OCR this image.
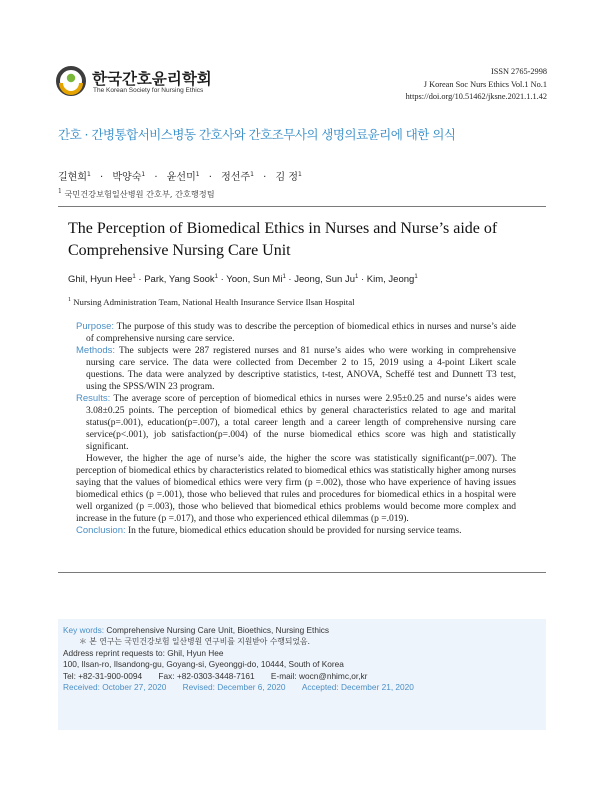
한국간호윤리학회
The Korean Society for Nursing Ethics
ISSN 2765-2998
J Korean Soc Nurs Ethics Vol.1 No.1
https://doi.org/10.51462/jksne.2021.1.1.42
간호 · 간병통합서비스병동 간호사와 간호조무사의 생명의료윤리에 대한 의식
길현희$^1$ · 박양숙$^1$ · 윤선미$^1$ · 정선주$^1$ · 김 정$^1$
$^1$ 국민건강보험일산병원 간호부, 간호행정팀
The Perception of Biomedical Ethics in Nurses and Nurse’s aide of Comprehensive Nursing Care Unit
Ghil, Hyun Hee$^1$ · Park, Yang Sook$^1$ · Yoon, Sun $Mi^1$ · Jeong, Sun $Ju^1$ · Kim, Jeong$^1$
$^1$ Nursing Administration Team, National Health Insurance Service Ilsan Hospital

Purpose: The purpose of this study was to describe the perception of biomedical ethics in nurses and nurse’s aide of comprehensive nursing care service.

Methods: The subjects were 287 registered nurses and 81 nurse’s aides who were working in comprehensive nursing care service. The data were collected from December 2 to 15, 2019 using a 4-point Likert scale questions. The data were analyzed by descriptive statistics, t-test, ANOVA, Scheffé test and Dunnett T3 test, using the SPSS/WIN 23 program.

Results: The average score of perception of biomedical ethics in nurses were 2.95±0.25 and nurse’s aides were 3.08±0.25 points. The perception of biomedical ethics by general characteristics related to age and marital status(p=.001), education(p=.007), a total career length and a career length of comprehensive nursing care service(p<.001), job satisfaction(p=.004) of the nurse biomedical ethics score was high and statistically significant.

However, the higher the age of nurse’s aide, the higher the score was statistically significant(p=.007). The perception of biomedical ethics by characteristics related to biomedical ethics was statistically higher among nurses saying that the values of biomedical ethics were very firm (p =.002), those who have experience of having issues biomedical ethics (p =.001), those who believed that rules and procedures for biomedical ethics in a hospital were well organized (p =.003), those who believed that biomedical ethics problems would become more complex and increase in the future (p =.017), and those who experienced ethical dilemmas (p =.019).

Conclusion: In the future, biomedical ethics education should be provided for nursing service teams.

Key words: Comprehensive Nursing Care Unit, Bioethics, Nursing Ethics
＊ 본 연구는 국민건강보험 일산병원 연구비를 지원받아 수행되었음.
Address reprint requests to: Ghil, Hyun Hee
100, Ilsan-ro, Ilsandong-gu, Goyang-si, Gyeonggi-do, 10444, South of Korea
Tel: +82-31-900-0094 Fax: +82-0303-3448-7161 E-mail: wocn@nhimc,or,kr
Received: October 27, 2020 Revised: December 6, 2020 Accepted: December 21, 2020
